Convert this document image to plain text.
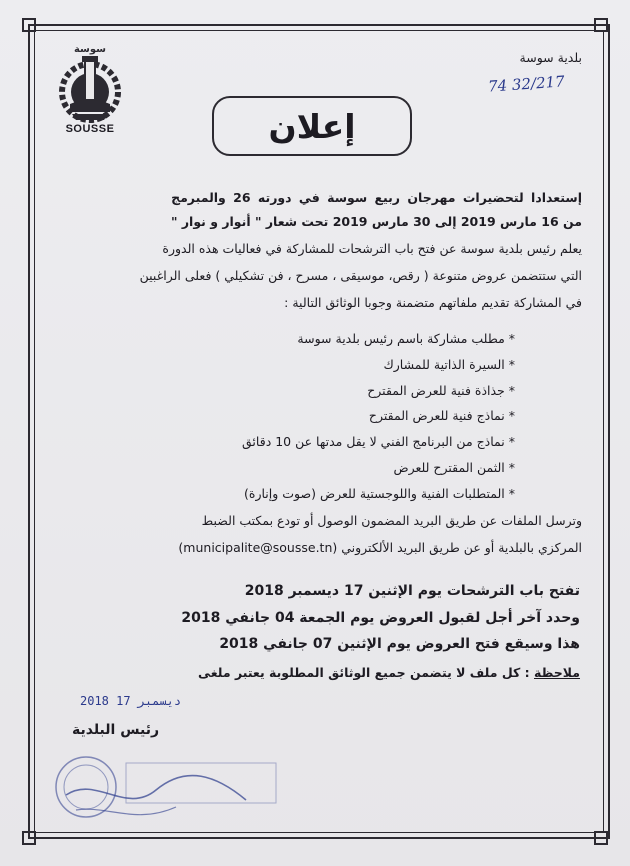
سوسة
SOUSSE
بلدية سوسة
74 32/217
إعلان
إستعدادا لتحضيرات مهرجان ربيع سوسة في دورته 26 والمبرمج
من 16 مارس 2019 إلى 30 مارس 2019 تحت شعار " أنوار و نوار "
يعلم رئيس بلدية سوسة عن فتح باب الترشحات للمشاركة في فعاليات هذه الدورة
التي ستتضمن عروض متنوعة ( رقص، موسيقى ، مسرح ، فن تشكيلي ) فعلى الراغبين
في المشاركة تقديم ملفاتهم متضمنة وجوبا الوثائق التالية :
* مطلب مشاركة باسم رئيس بلدية سوسة
* السيرة الذاتية للمشارك
* جذاذة فنية للعرض المقترح
* نماذج فنية للعرض المقترح
* نماذج من البرنامج الفني لا يقل مدتها عن 10 دقائق
* الثمن المقترح للعرض
* المتطلبات الفنية واللوجستية للعرض (صوت وإنارة)
وترسل الملفات عن طريق البريد المضمون الوصول أو تودع بمكتب الضبط
المركزي بالبلدية أو عن طريق البريد الألكتروني (municipalite@sousse.tn)
تفتح باب الترشحات يوم الإثنين 17 ديسمبر 2018
وحدد آخر أجل لقبول العروض يوم الجمعة 04 جانفي 2018
هذا وسيقع فتح العروض يوم الإثنين 07 جانفي 2018
ملاحظة : كل ملف لا يتضمن جميع الوثائق المطلوبة يعتبر ملغى
2018 ديسمبر 17
رئيس البلدية
